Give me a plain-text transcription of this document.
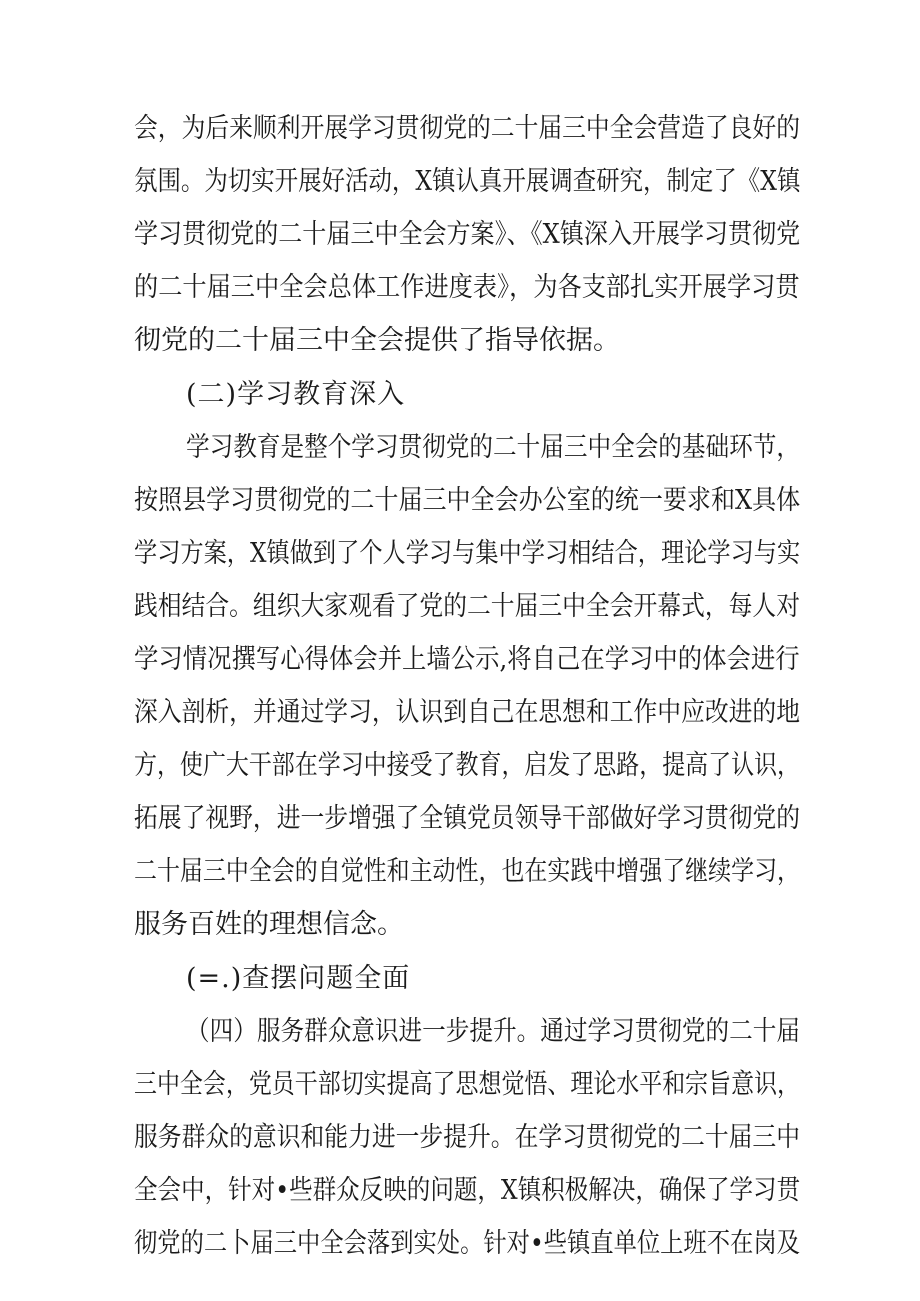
会，为后来顺利开展学习贯彻党的二十届三中全会营造了良好的
氛围。为切实开展好活动，X镇认真开展调查研究，制定了《X镇
学习贯彻党的二十届三中全会方案》、《X镇深入开展学习贯彻党
的二十届三中全会总体工作进度表》，为各支部扎实开展学习贯
彻党的二十届三中全会提供了指导依据。
(二)学习教育深入
学习教育是整个学习贯彻党的二十届三中全会的基础环节，
按照县学习贯彻党的二十届三中全会办公室的统一要求和X具体
学习方案，X镇做到了个人学习与集中学习相结合，理论学习与实
践相结合。组织大家观看了党的二十届三中全会开幕式，每人对
学习情况撰写心得体会并上墙公示,将自己在学习中的体会进行
深入剖析，并通过学习，认识到自己在思想和工作中应改进的地
方，使广大干部在学习中接受了教育，启发了思路，提高了认识，
拓展了视野，进一步增强了全镇党员领导干部做好学习贯彻党的
二十届三中全会的自觉性和主动性，也在实践中增强了继续学习，
服务百姓的理想信念。
(=.)查摆问题全面
（四）服务群众意识进一步提升。通过学习贯彻党的二十届
三中全会，党员干部切实提高了思想觉悟、理论水平和宗旨意识，
服务群众的意识和能力进一步提升。在学习贯彻党的二十届三中
全会中，针对•些群众反映的问题，X镇积极解决，确保了学习贯
彻党的二卜届三中全会落到实处。针对•些镇直单位上班不在岗及
